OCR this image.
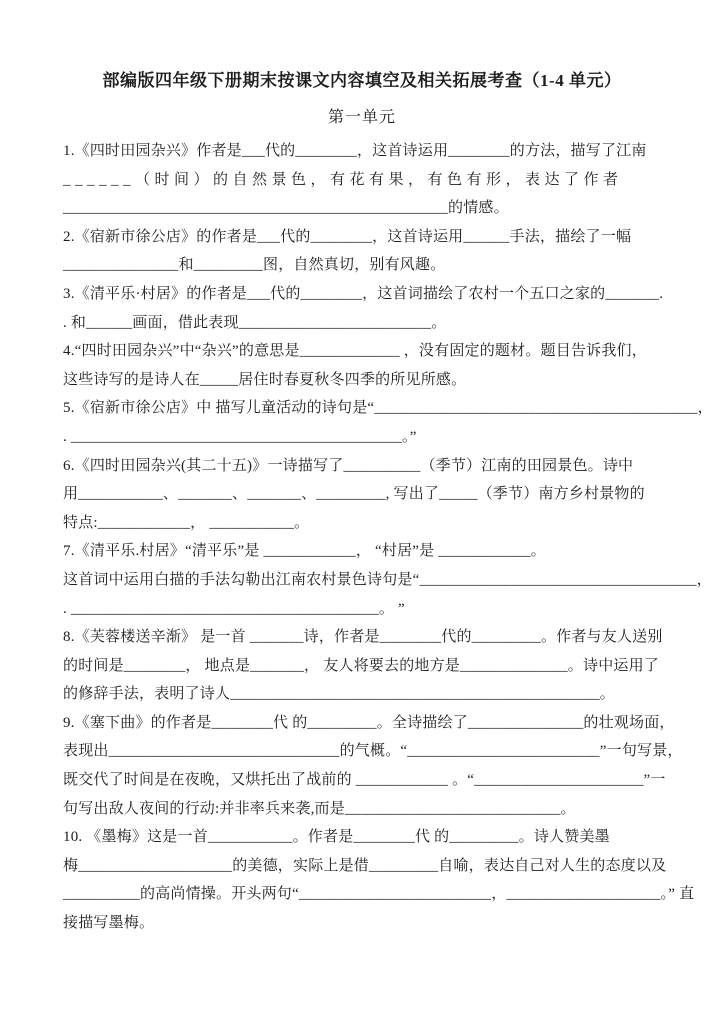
部编版四年级下册期末按课文内容填空及相关拓展考查（1-4 单元）
第一单元

1.《四时田园杂兴》作者是___代的________，这首诗运用________的方法，描写了江南

______（时间）的自然景色，有花有果，有色有形，表达了作者

__________________________________________________的情感。

2.《宿新市徐公店》的作者是___代的________，这首诗运用______手法，描绘了一幅

_______________和_________图，自然真切，别有风趣。

3.《清平乐·村居》的作者是___代的________，这首词描绘了农村一个五口之家的_______.

. 和______画面，借此表现_________________________。

4.“四时田园杂兴”中“杂兴”的意思是_____________ ，没有固定的题材。题目告诉我们，

这些诗写的是诗人在_____居住时春夏秋冬四季的所见所感。

5.《宿新市徐公店》中 描写儿童活动的诗句是“__________________________________________，

. ___________________________________________。”

6.《四时田园杂兴(其二十五)》一诗描写了__________（季节）江南的田园景色。诗中

用___________、_______、_______、_________, 写出了_____（季节）南方乡村景物的

特点:____________， ___________。

7.《清平乐.村居》“清平乐”是 ____________， “村居”是 ____________。

这首词中运用白描的手法勾勒出江南农村景色诗句是“____________________________________，

. ________________________________________。 ”

8.《芙蓉楼送辛渐》 是一首 _______诗，作者是________代的_________。作者与友人送别

的时间是________， 地点是_______， 友人将要去的地方是______________。诗中运用了

的修辞手法，表明了诗人________________________________________________。

9.《塞下曲》的作者是________代 的_________。全诗描绘了_______________的壮观场面，

表现出______________________________的气概。“_________________________”一句写景，

既交代了时间是在夜晚，又烘托出了战前的 ____________ 。“______________________”一

句写出敌人夜间的行动:并非率兵来袭,而是____________________________。

10. 《墨梅》这是一首___________。作者是________代 的_________。诗人赞美墨

梅____________________的美德，实际上是借_________自喻，表达自己对人生的态度以及

__________的高尚情操。开头两句“_________________________，____________________。” 直

接描写墨梅。
